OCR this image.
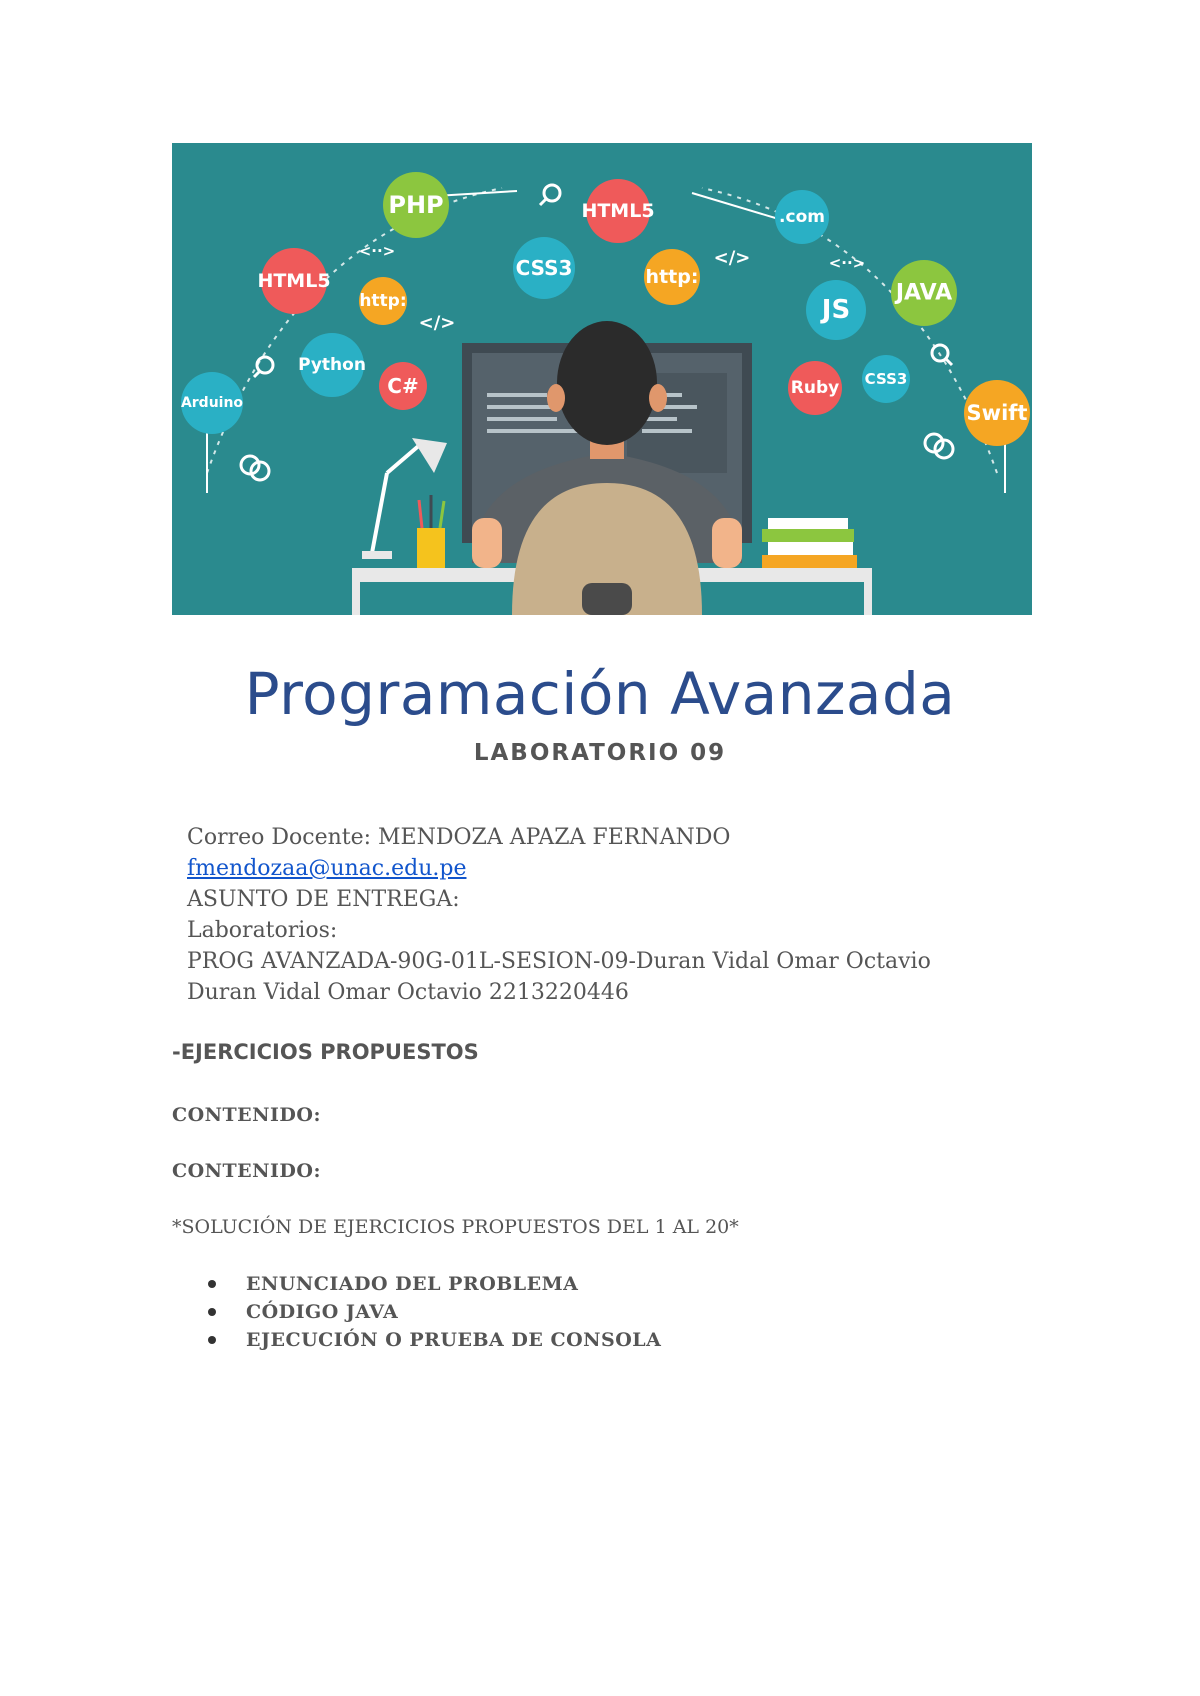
<··>
</>
</>	<··>
PHP	HTML5
CSS3	http:
HTML5
http:
Python
C#
Arduino
.com
JS
JAVA
Ruby CSS3
Swift
Programación Avanzada
LABORATORIO 09
Correo Docente: MENDOZA APAZA FERNANDO
fmendozaa@unac.edu.pe
ASUNTO DE ENTREGA:
Laboratorios:
PROG AVANZADA-90G-01L-SESION-09-Duran Vidal Omar Octavio
Duran Vidal Omar Octavio 2213220446
-EJERCICIOS PROPUESTOS
CONTENIDO:
CONTENIDO:
*SOLUCIÓN DE EJERCICIOS PROPUESTOS DEL 1 AL 20*
ENUNCIADO DEL PROBLEMA
CÓDIGO JAVA
EJECUCIÓN O PRUEBA DE CONSOLA
